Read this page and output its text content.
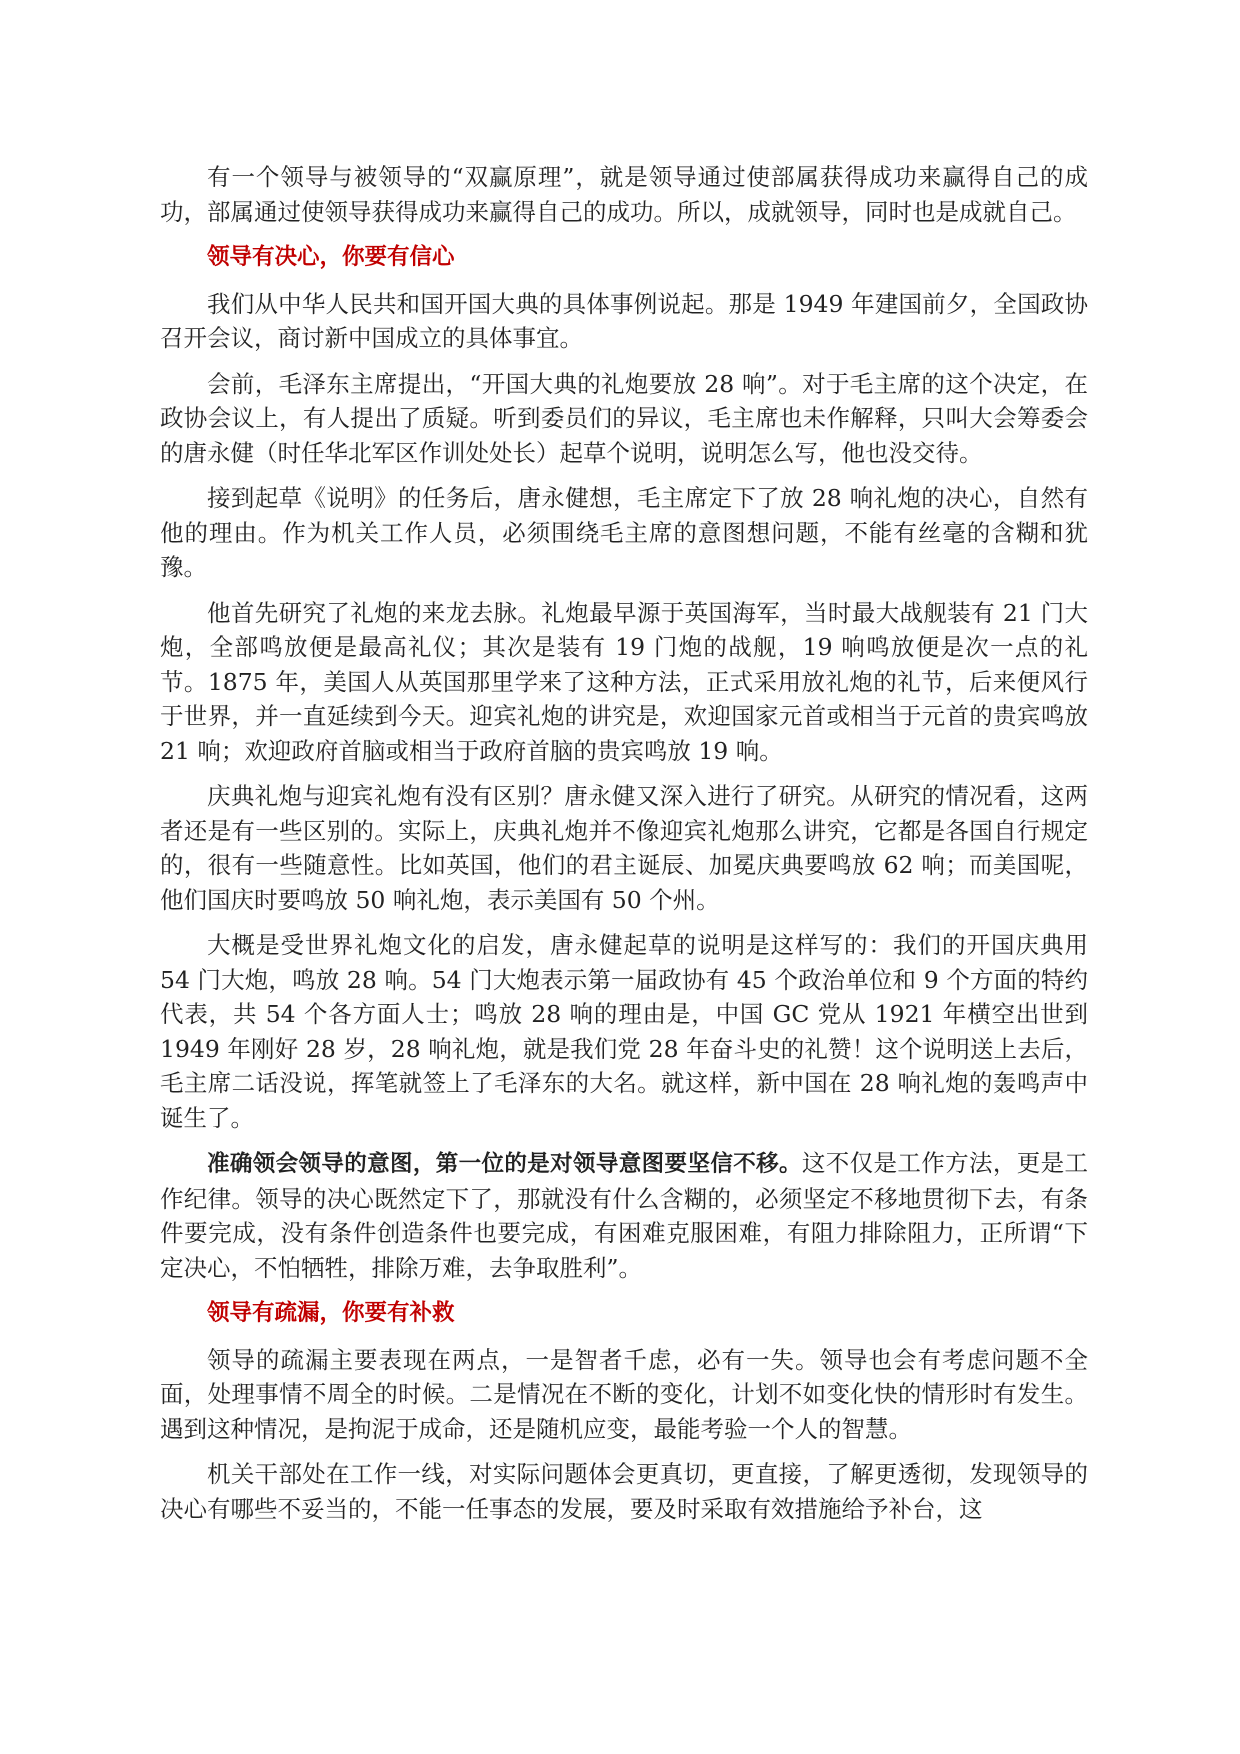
有一个领导与被领导的“双赢原理”，就是领导通过使部属获得成功来赢得自己的成功，部属通过使领导获得成功来赢得自己的成功。所以，成就领导，同时也是成就自己。

领导有决心，你要有信心

我们从中华人民共和国开国大典的具体事例说起。那是 1949 年建国前夕，全国政协召开会议，商讨新中国成立的具体事宜。

会前，毛泽东主席提出，“开国大典的礼炮要放 28 响”。对于毛主席的这个决定，在政协会议上，有人提出了质疑。听到委员们的异议，毛主席也未作解释，只叫大会筹委会的唐永健（时任华北军区作训处处长）起草个说明，说明怎么写，他也没交待。

接到起草《说明》的任务后，唐永健想，毛主席定下了放 28 响礼炮的决心，自然有他的理由。作为机关工作人员，必须围绕毛主席的意图想问题，不能有丝毫的含糊和犹豫。

他首先研究了礼炮的来龙去脉。礼炮最早源于英国海军，当时最大战舰装有 21 门大炮，全部鸣放便是最高礼仪；其次是装有 19 门炮的战舰，19 响鸣放便是次一点的礼节。1875 年，美国人从英国那里学来了这种方法，正式采用放礼炮的礼节，后来便风行于世界，并一直延续到今天。迎宾礼炮的讲究是，欢迎国家元首或相当于元首的贵宾鸣放 21 响；欢迎政府首脑或相当于政府首脑的贵宾鸣放 19 响。

庆典礼炮与迎宾礼炮有没有区别？唐永健又深入进行了研究。从研究的情况看，这两者还是有一些区别的。实际上，庆典礼炮并不像迎宾礼炮那么讲究，它都是各国自行规定的，很有一些随意性。比如英国，他们的君主诞辰、加冕庆典要鸣放 62 响；而美国呢，他们国庆时要鸣放 50 响礼炮，表示美国有 50 个州。

大概是受世界礼炮文化的启发，唐永健起草的说明是这样写的：我们的开国庆典用 54 门大炮，鸣放 28 响。54 门大炮表示第一届政协有 45 个政治单位和 9 个方面的特约代表，共 54 个各方面人士；鸣放 28 响的理由是，中国 GC 党从 1921 年横空出世到 1949 年刚好 28 岁，28 响礼炮，就是我们党 28 年奋斗史的礼赞！这个说明送上去后，毛主席二话没说，挥笔就签上了毛泽东的大名。就这样，新中国在 28 响礼炮的轰鸣声中诞生了。

准确领会领导的意图，第一位的是对领导意图要坚信不移。这不仅是工作方法，更是工作纪律。领导的决心既然定下了，那就没有什么含糊的，必须坚定不移地贯彻下去，有条件要完成，没有条件创造条件也要完成，有困难克服困难，有阻力排除阻力，正所谓“下定决心，不怕牺牲，排除万难，去争取胜利”。

领导有疏漏，你要有补救

领导的疏漏主要表现在两点，一是智者千虑，必有一失。领导也会有考虑问题不全面，处理事情不周全的时候。二是情况在不断的变化，计划不如变化快的情形时有发生。遇到这种情况，是拘泥于成命，还是随机应变，最能考验一个人的智慧。

机关干部处在工作一线，对实际问题体会更真切，更直接，了解更透彻，发现领导的决心有哪些不妥当的，不能一任事态的发展，要及时采取有效措施给予补台，这
